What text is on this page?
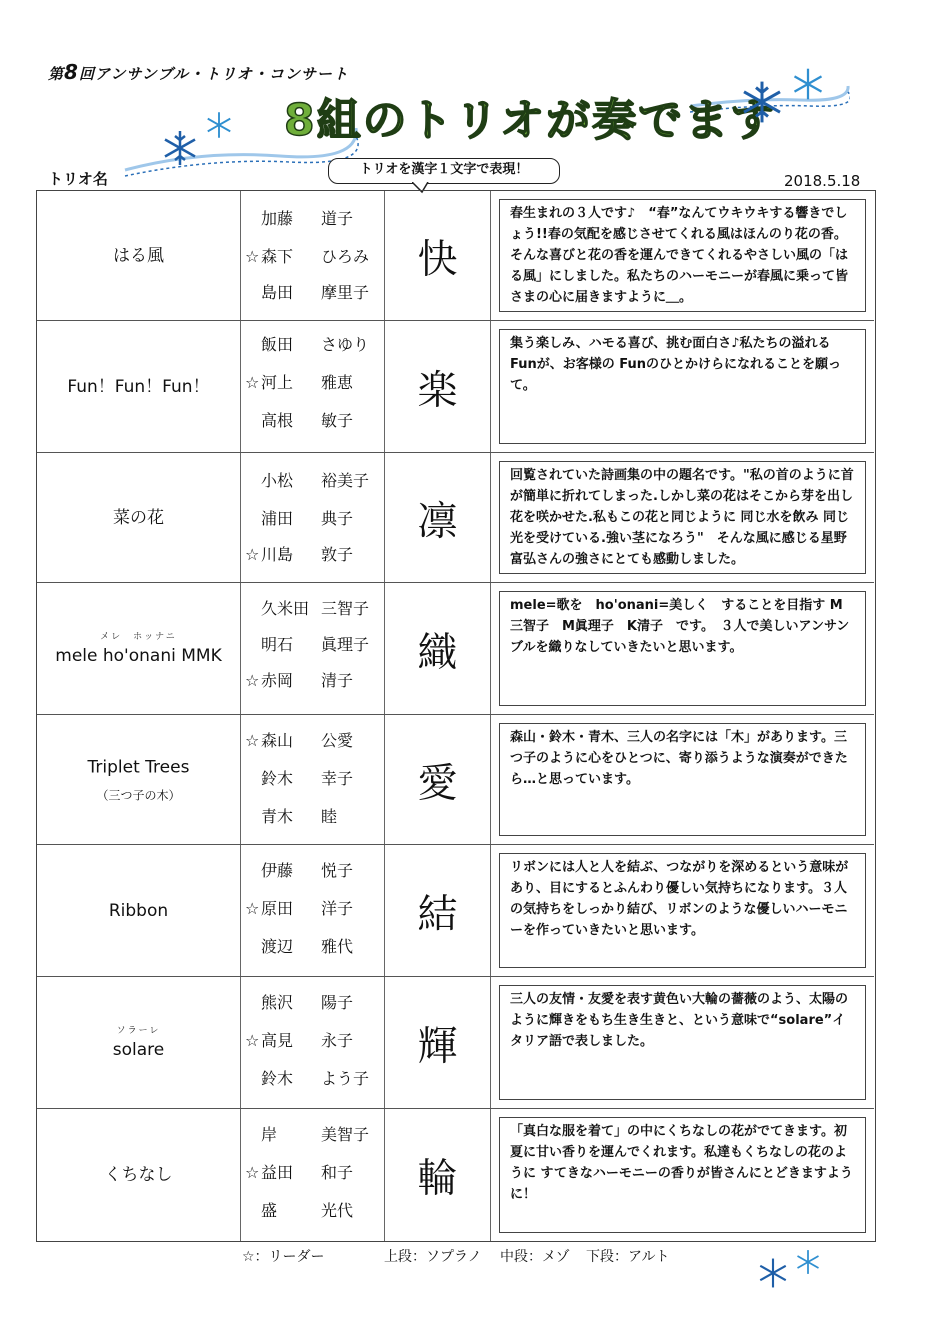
第8回アンサンブル・トリオ・コンサート
8組のトリオが奏でます
トリオ名
トリオを漢字１文字で表現！
2018.5.18
はる風
加藤 道子
☆ 森下 ひろみ
島田 摩里子
快
春生まれの３人です♪　“春”なんてウキウキする響きでしょう!!春の気配を感じさせてくれる風はほんのり花の香。そんな喜びと花の香を運んできてくれるやさしい風の「はる風」にしました。私たちのハーモニーが春風に乗って皆さまの心に届きますように＿。
Fun！Fun！Fun！
飯田 さゆり
☆ 河上 雅恵
高根 敏子
楽
集う楽しみ、ハモる喜び、挑む面白さ♪私たちの溢れる Funが、お客様の Funのひとかけらになれることを願って。
菜の花
小松 裕美子
浦田 典子
☆ 川島 敦子
凛
回覧されていた詩画集の中の題名です。"私の首のように首が簡単に折れてしまった.しかし菜の花はそこから芽を出し花を咲かせた.私もこの花と同じように 同じ水を飲み 同じ光を受けている.強い茎になろう"　そんな風に感じる星野富弘さんの強さにとても感動しました。
メレ　ホッナニ
mele ho'onani MMK
久米田 三智子
明石 眞理子
☆ 赤岡 清子
織
mele=歌を　ho'onani=美しく　することを目指す M三智子　M眞理子　K清子　です。　３人で美しいアンサンブルを織りなしていきたいと思います。
Triplet Trees
（三つ子の木）
☆ 森山 公愛
鈴木 幸子
青木 睦
愛
森山・鈴木・青木、三人の名字には「木」があります。三つ子のように心をひとつに、寄り添うような演奏ができたら…と思っています。
Ribbon
伊藤 悦子
☆ 原田 洋子
渡辺 雅代
結
リボンには人と人を結ぶ、つながりを深めるという意味があり、目にするとふんわり優しい気持ちになります。３人の気持ちをしっかり結び、リボンのような優しいハーモニーを作っていきたいと思います。
ソラーレ
solare
熊沢 陽子
☆ 高見 永子
鈴木 よう子
輝
三人の友情・友愛を表す黄色い大輪の薔薇のよう、太陽のように輝きをもち生き生きと、という意味で“solare”イタリア語で表しました。
くちなし
岸	美智子
☆ 益田 和子
盛	光代
輪
「真白な服を着て」の中にくちなしの花がでてきます。初夏に甘い香りを運んでくれます。私達もくちなしの花のように すてきなハーモニーの香りが皆さんにとどきますように！
☆：リーダー	上段：ソプラノ 中段：メゾ 下段：アルト
